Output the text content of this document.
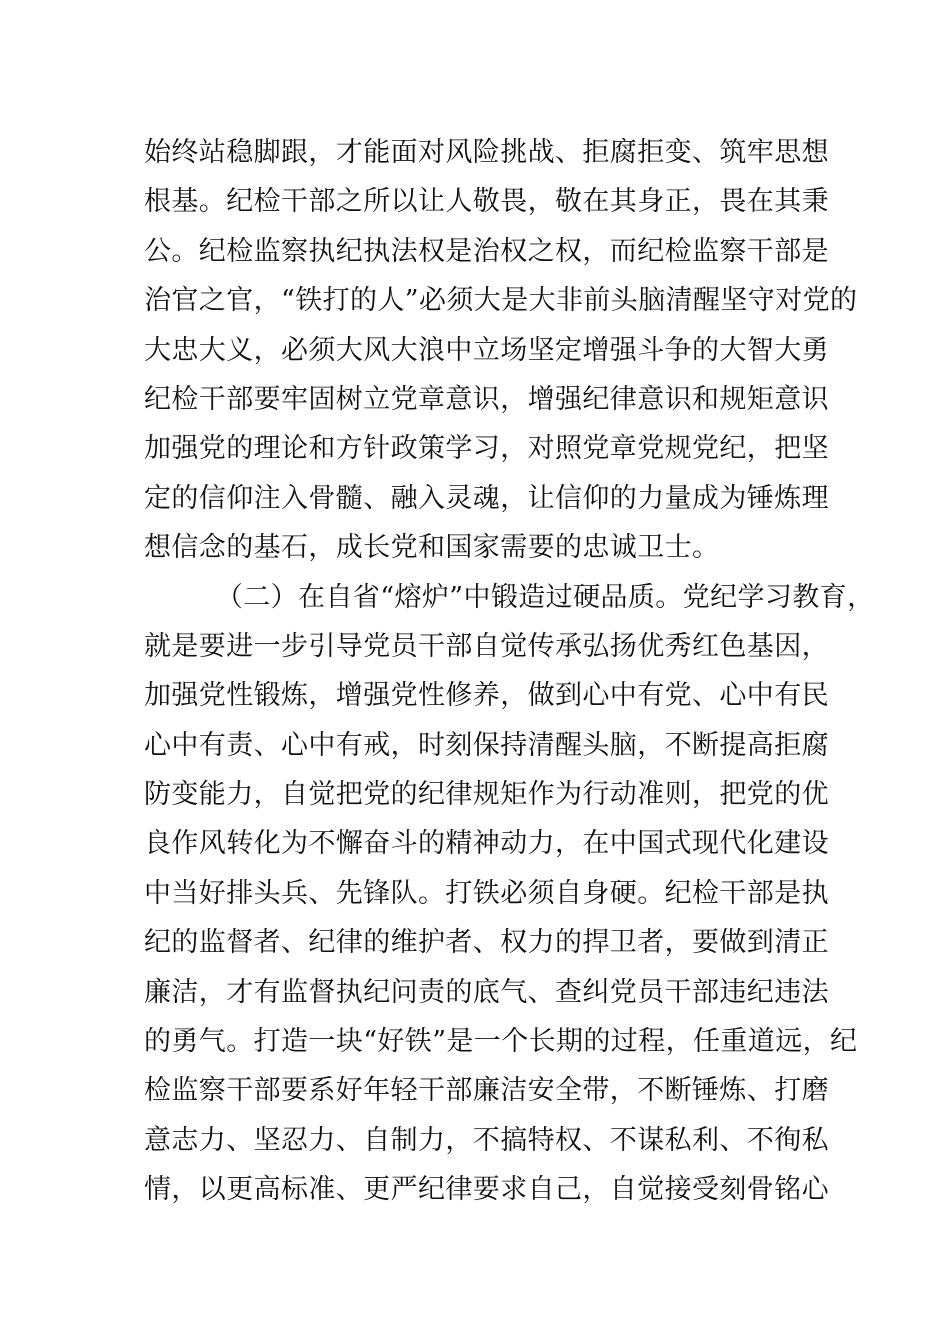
始终站稳脚跟，才能面对风险挑战、拒腐拒变、筑牢思想
根基。纪检干部之所以让人敬畏，敬在其身正，畏在其秉
公。纪检监察执纪执法权是治权之权，而纪检监察干部是
治官之官，“铁打的人”必须大是大非前头脑清醒坚守对党的
大忠大义，必须大风大浪中立场坚定增强斗争的大智大勇
纪检干部要牢固树立党章意识，增强纪律意识和规矩意识
加强党的理论和方针政策学习，对照党章党规党纪，把坚
定的信仰注入骨髓、融入灵魂，让信仰的力量成为锤炼理
想信念的基石，成长党和国家需要的忠诚卫士。
（二）在自省“熔炉”中锻造过硬品质。党纪学习教育，
就是要进一步引导党员干部自觉传承弘扬优秀红色基因，
加强党性锻炼，增强党性修养，做到心中有党、心中有民
心中有责、心中有戒，时刻保持清醒头脑，不断提高拒腐
防变能力，自觉把党的纪律规矩作为行动准则，把党的优
良作风转化为不懈奋斗的精神动力，在中国式现代化建设
中当好排头兵、先锋队。打铁必须自身硬。纪检干部是执
纪的监督者、纪律的维护者、权力的捍卫者，要做到清正
廉洁，才有监督执纪问责的底气、查纠党员干部违纪违法
的勇气。打造一块“好铁”是一个长期的过程，任重道远，纪
检监察干部要系好年轻干部廉洁安全带，不断锤炼、打磨
意志力、坚忍力、自制力，不搞特权、不谋私利、不徇私
情，以更高标准、更严纪律要求自己，自觉接受刻骨铭心
